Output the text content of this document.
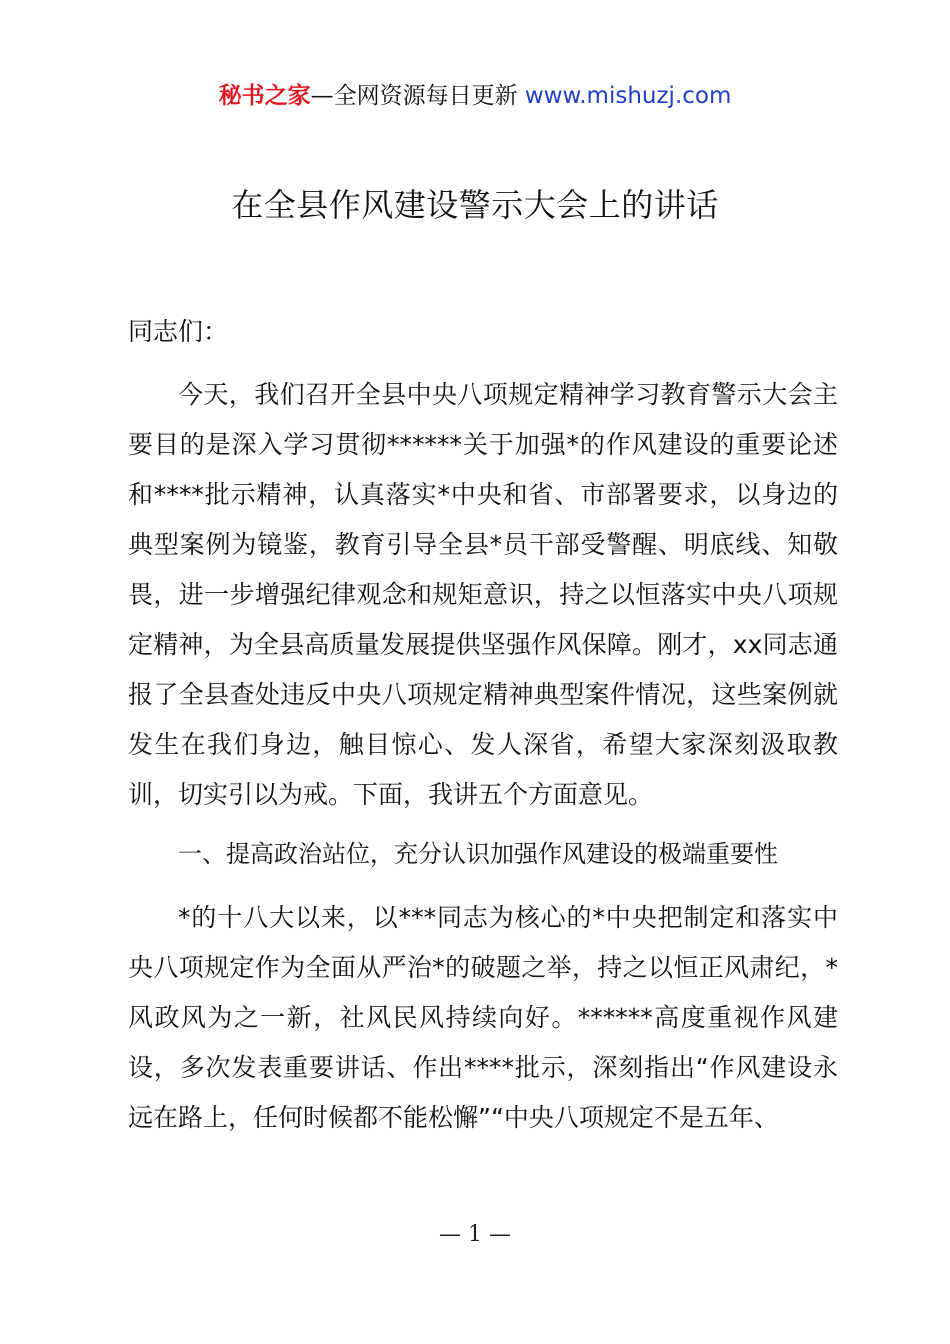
秘书之家—全网资源每日更新 www.mishuzj.com
在全县作风建设警示大会上的讲话
同志们：

今天，我们召开全县中央八项规定精神学习教育警示大会主要目的是深入学习贯彻******关于加强*的作风建设的重要论述和****批示精神，认真落实*中央和省、市部署要求，以身边的典型案例为镜鉴，教育引导全县*员干部受警醒、明底线、知敬畏，进一步增强纪律观念和规矩意识，持之以恒落实中央八项规定精神，为全县高质量发展提供坚强作风保障。刚才，xx同志通报了全县查处违反中央八项规定精神典型案件情况，这些案例就发生在我们身边，触目惊心、发人深省，希望大家深刻汲取教训，切实引以为戒。下面，我讲五个方面意见。

一、提高政治站位，充分认识加强作风建设的极端重要性

*的十八大以来，以***同志为核心的*中央把制定和落实中央八项规定作为全面从严治*的破题之举，持之以恒正风肃纪，*风政风为之一新，社风民风持续向好。******高度重视作风建设，多次发表重要讲话、作出****批示，深刻指出“作风建设永远在路上，任何时候都不能松懈”“中央八项规定不是五年、

— 1 —
